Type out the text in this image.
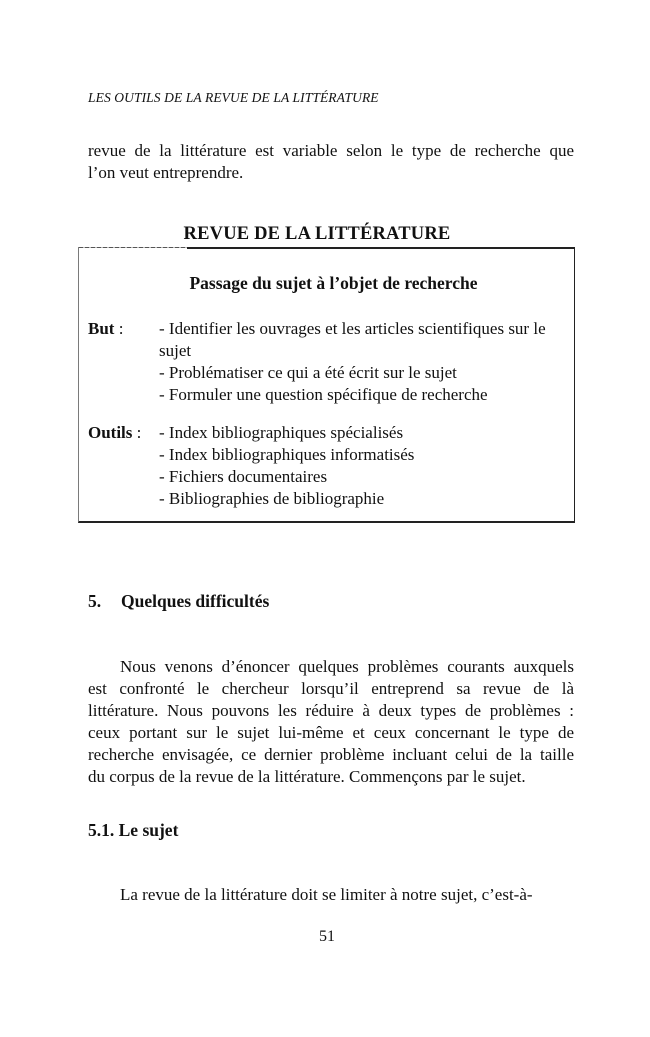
LES OUTILS DE LA REVUE DE LA LITTÉRATURE
revue de la littérature est variable selon le type de recherche que
l’on veut entreprendre.
REVUE DE LA LITTÉRATURE
Passage du sujet à l’objet de recherche
But : - Identifier les ouvrages et les articles scientifiques sur le
sujet
- Problématiser ce qui a été écrit sur le sujet
- Formuler une question spécifique de recherche
Outils : - Index bibliographiques spécialisés
- Index bibliographiques informatisés
- Fichiers documentaires
- Bibliographies de bibliographie
5. Quelques difficultés
Nous venons d’énoncer quelques problèmes courants auxquels
est confronté le chercheur lorsqu’il entreprend sa revue de là
littérature. Nous pouvons les réduire à deux types de problèmes :
ceux portant sur le sujet lui-même et ceux concernant le type de
recherche envisagée, ce dernier problème incluant celui de la taille
du corpus de la revue de la littérature. Commençons par le sujet.
5.1. Le sujet
La revue de la littérature doit se limiter à notre sujet, c’est-à-
51
